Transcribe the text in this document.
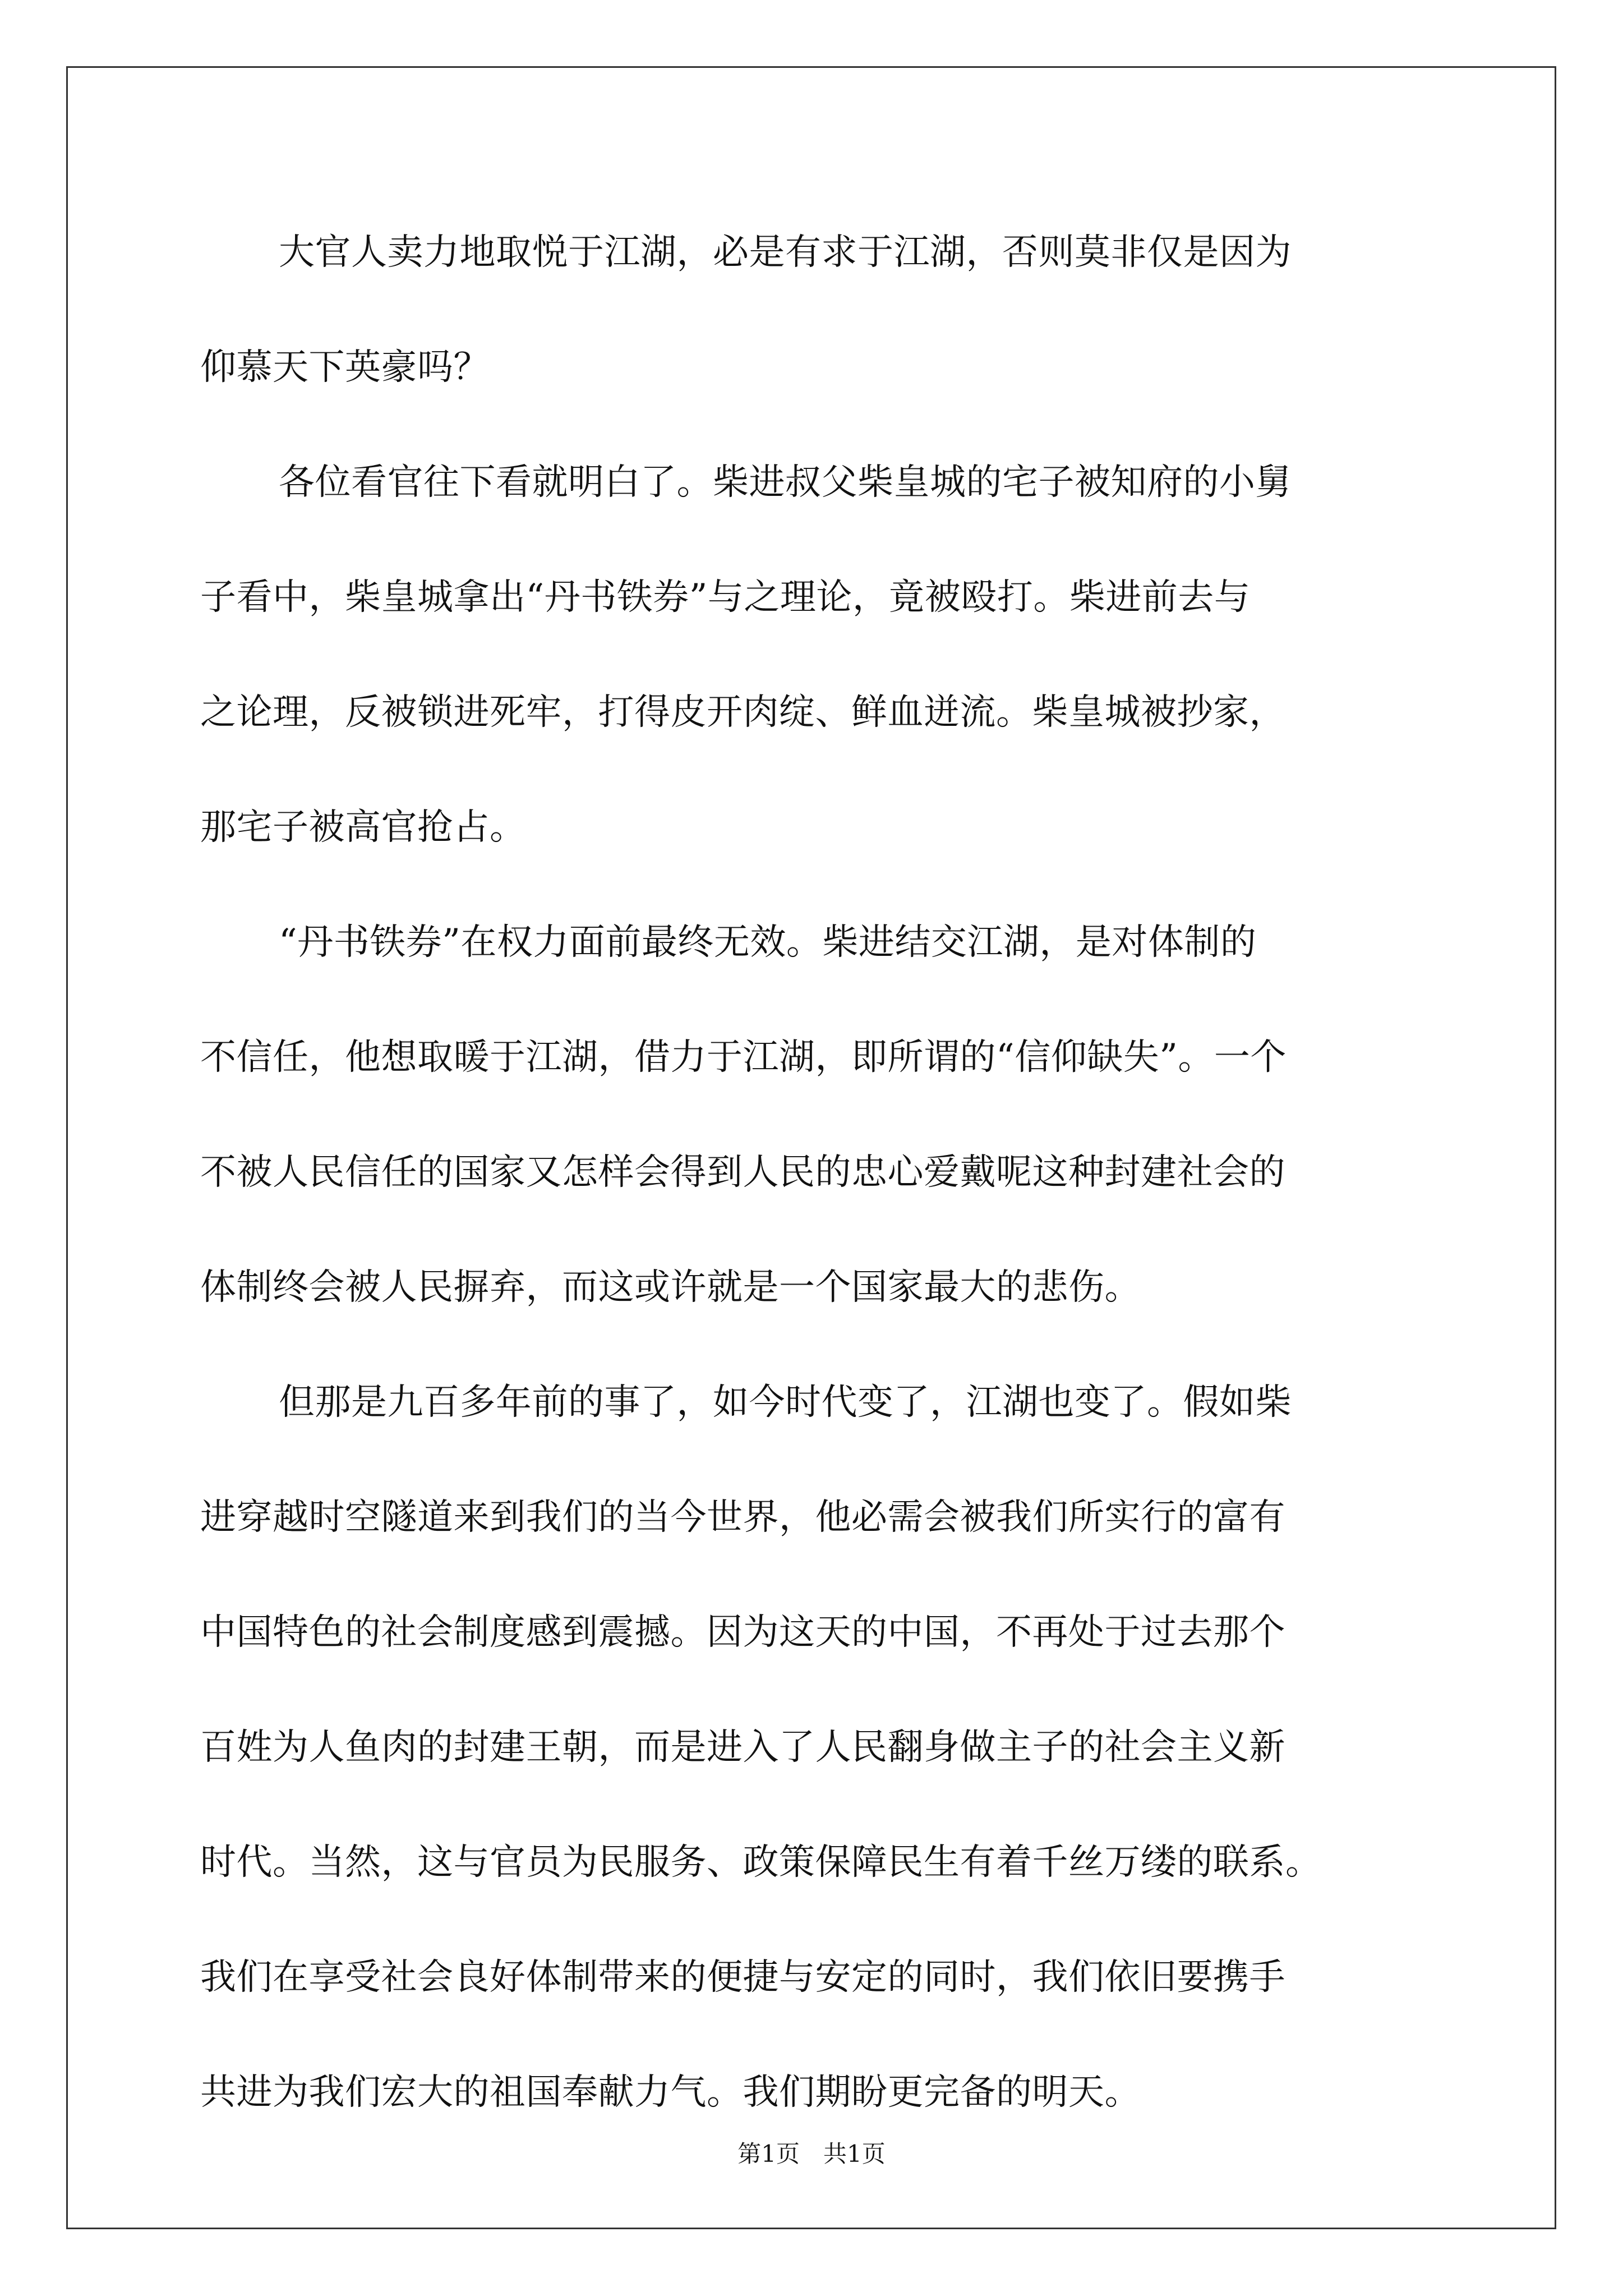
大官人卖力地取悦于江湖，必是有求于江湖，否则莫非仅是因为
仰慕天下英豪吗？
各位看官往下看就明白了。柴进叔父柴皇城的宅子被知府的小舅
子看中，柴皇城拿出“丹书铁券”与之理论，竟被殴打。柴进前去与
之论理，反被锁进死牢，打得皮开肉绽、鲜血迸流。柴皇城被抄家，
那宅子被高官抢占。
“丹书铁券”在权力面前最终无效。柴进结交江湖，是对体制的
不信任，他想取暖于江湖，借力于江湖，即所谓的“信仰缺失”。一个
不被人民信任的国家又怎样会得到人民的忠心爱戴呢这种封建社会的
体制终会被人民摒弃，而这或许就是一个国家最大的悲伤。
但那是九百多年前的事了，如今时代变了，江湖也变了。假如柴
进穿越时空隧道来到我们的当今世界，他必需会被我们所实行的富有
中国特色的社会制度感到震撼。因为这天的中国，不再处于过去那个
百姓为人鱼肉的封建王朝，而是进入了人民翻身做主子的社会主义新
时代。当然，这与官员为民服务、政策保障民生有着千丝万缕的联系。
我们在享受社会良好体制带来的便捷与安定的同时，我们依旧要携手
共进为我们宏大的祖国奉献力气。我们期盼更完备的明天。
第1页　共1页
